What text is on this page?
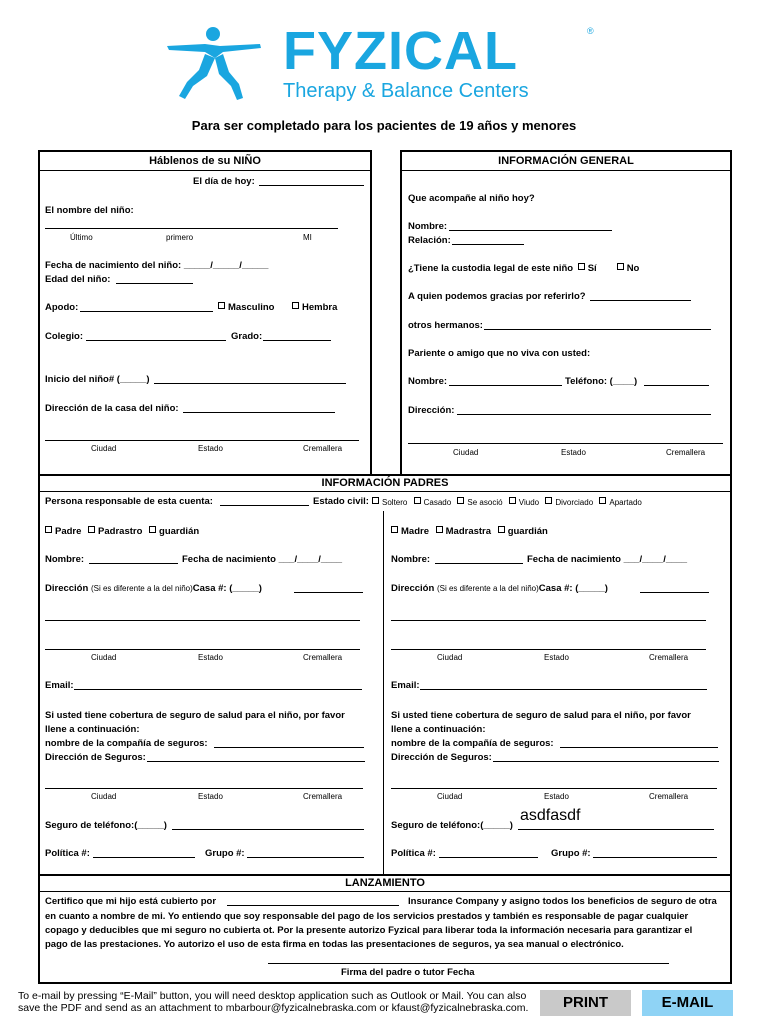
FYZICAL	®
Therapy & Balance Centers
Para ser completado para los pacientes de 19 años y menores
Háblenos de su NIÑO
El día de hoy:
El nombre del niño:
Último	primero	MI
Fecha de nacimiento del niño: _____/_____/_____
Edad del niño:
Apodo:	Masculino	Hembra
Colegio:	Grado:
Inicio del niño# (_____)
Dirección de la casa del niño:
Ciudad	Estado	Cremallera
INFORMACIÓN GENERAL
Que acompañe al niño hoy?
Nombre:
Relación:
¿Tiene la custodia legal de este niño Sí	No
A quien podemos gracias por referirlo?
otros hermanos:
Pariente o amigo que no viva con usted:
Nombre:	Teléfono: (____)
Dirección:
Ciudad	Estado	Cremallera
INFORMACIÓN PADRES
Persona responsable de esta cuenta:	Estado civil:	Soltero Casado Se asoció Viudo Divorciado Apartado
Padre Padrastro guardián
Nombre:	Fecha de nacimiento ___/____/____
Dirección (Si es diferente a la del niño)Casa #: (_____)
Ciudad	Estado	Cremallera
Email:
Si usted tiene cobertura de seguro de salud para el niño, por favor
llene a continuación:
nombre de la compañía de seguros:
Dirección de Seguros:
Ciudad	Estado	Cremallera
Seguro de teléfono:(_____)
Política #:	Grupo #:
Madre Madrastra guardián
Nombre:	Fecha de nacimiento ___/____/____
Dirección (Si es diferente a la del niño)Casa #: (_____)
Ciudad	Estado	Cremallera
Email:
Si usted tiene cobertura de seguro de salud para el niño, por favor
llene a continuación:
nombre de la compañía de seguros:
Dirección de Seguros:
Ciudad	Estado	Cremallera
Seguro de teléfono:(_____)
asdfasdf
Política #:	Grupo #:
LANZAMIENTO
Certifico que mi hijo está cubierto por	Insurance Company y asigno todos los beneficios de seguro de otra
en cuanto a nombre de mi. Yo entiendo que soy responsable del pago de los servicios prestados y también es responsable de pagar cualquier
copago y deducibles que mi seguro no cubierta ot. Por la presente autorizo Fyzical para liberar toda la información necesaria para garantizar el
pago de las prestaciones. Yo autorizo el uso de esta firma en todas las presentaciones de seguros, ya sea manual o electrónico.
Firma del padre o tutor Fecha
To e-mail by pressing “E-Mail” button, you will need desktop application such as Outlook or Mail. You can also
save the PDF and send as an attachment to mbarbour@fyzicalnebraska.com or kfaust@fyzicalnebraska.com.	PRINT	E-MAIL
